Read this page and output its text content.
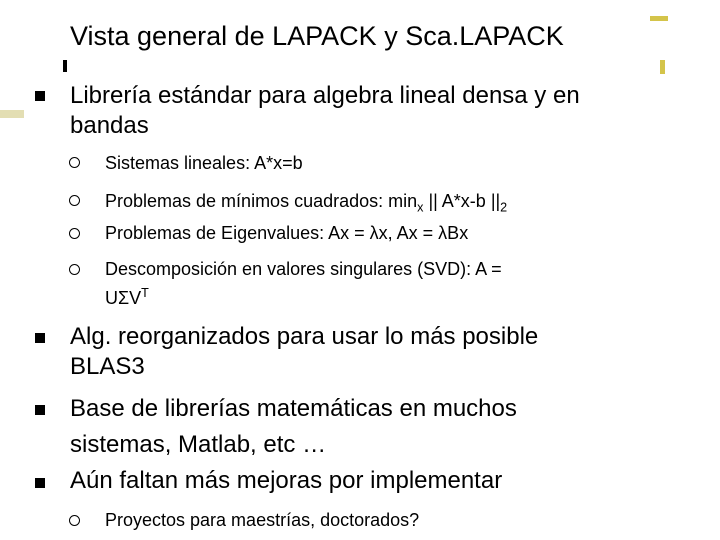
Vista general de LAPACK y Sca.LAPACK
Librería estándar para algebra lineal densa y en
bandas
Sistemas lineales: A*x=b
Problemas de mínimos cuadrados: $\min_x$ || A*x-b $||_2$
Problemas de Eigenvalues: Ax = λx, Ax = λBx
Descomposición en valores singulares (SVD): A =
$U\Sigma V^T$
Alg. reorganizados para usar lo más posible
BLAS3
Base de librerías matemáticas en muchos
sistemas, Matlab, etc …
Aún faltan más mejoras por implementar
Proyectos para maestrías, doctorados?
